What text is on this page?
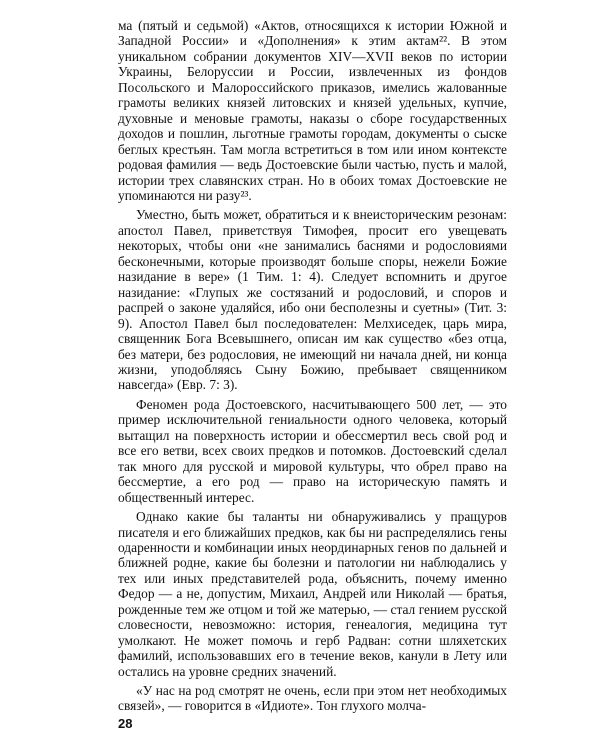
ма (пятый и седьмой) «Актов, относящихся к истории Южной и Западной России» и «Дополнения» к этим актам²². В этом уникальном собрании документов XIV—XVII веков по истории Украины, Белоруссии и России, извлеченных из фондов Посольского и Малороссийского приказов, имелись жалованные грамоты великих князей литовских и князей удельных, купчие, духовные и меновые грамоты, наказы о сборе государственных доходов и пошлин, льготные грамоты городам, документы о сыске беглых крестьян. Там могла встретиться в том или ином контексте родовая фамилия — ведь Достоевские были частью, пусть и малой, истории трех славянских стран. Но в обоих томах Достоевские не упоминаются ни разу²³.

Уместно, быть может, обратиться и к внеисторическим резонам: апостол Павел, приветствуя Тимофея, просит его увещевать некоторых, чтобы они «не занимались баснями и родословиями бесконечными, которые производят больше споры, нежели Божие назидание в вере» (1 Тим. 1: 4). Следует вспомнить и другое назидание: «Глупых же состязаний и родословий, и споров и распрей о законе удаляйся, ибо они бесполезны и суетны» (Тит. 3: 9). Апостол Павел был последователен: Мелхиседек, царь мира, священник Бога Всевышнего, описан им как существо «без отца, без матери, без родословия, не имеющий ни начала дней, ни конца жизни, уподобляясь Сыну Божию, пребывает священником навсегда» (Евр. 7: 3).

Феномен рода Достоевского, насчитывающего 500 лет, — это пример исключительной гениальности одного человека, который вытащил на поверхность истории и обессмертил весь свой род и все его ветви, всех своих предков и потомков. Достоевский сделал так много для русской и мировой культуры, что обрел право на бессмертие, а его род — право на историческую память и общественный интерес.

Однако какие бы таланты ни обнаруживались у пращуров писателя и его ближайших предков, как бы ни распределялись гены одаренности и комбинации иных неординарных генов по дальней и ближней родне, какие бы болезни и патологии ни наблюдались у тех или иных представителей рода, объяснить, почему именно Федор — а не, допустим, Михаил, Андрей или Николай — братья, рожденные тем же отцом и той же матерью, — стал гением русской словесности, невозможно: история, генеалогия, медицина тут умолкают. Не может помочь и герб Радван: сотни шляхетских фамилий, использовавших его в течение веков, канули в Лету или остались на уровне средних значений.

«У нас на род смотрят не очень, если при этом нет необходимых связей», — говорится в «Идиоте». Тон глухого молча-

28
